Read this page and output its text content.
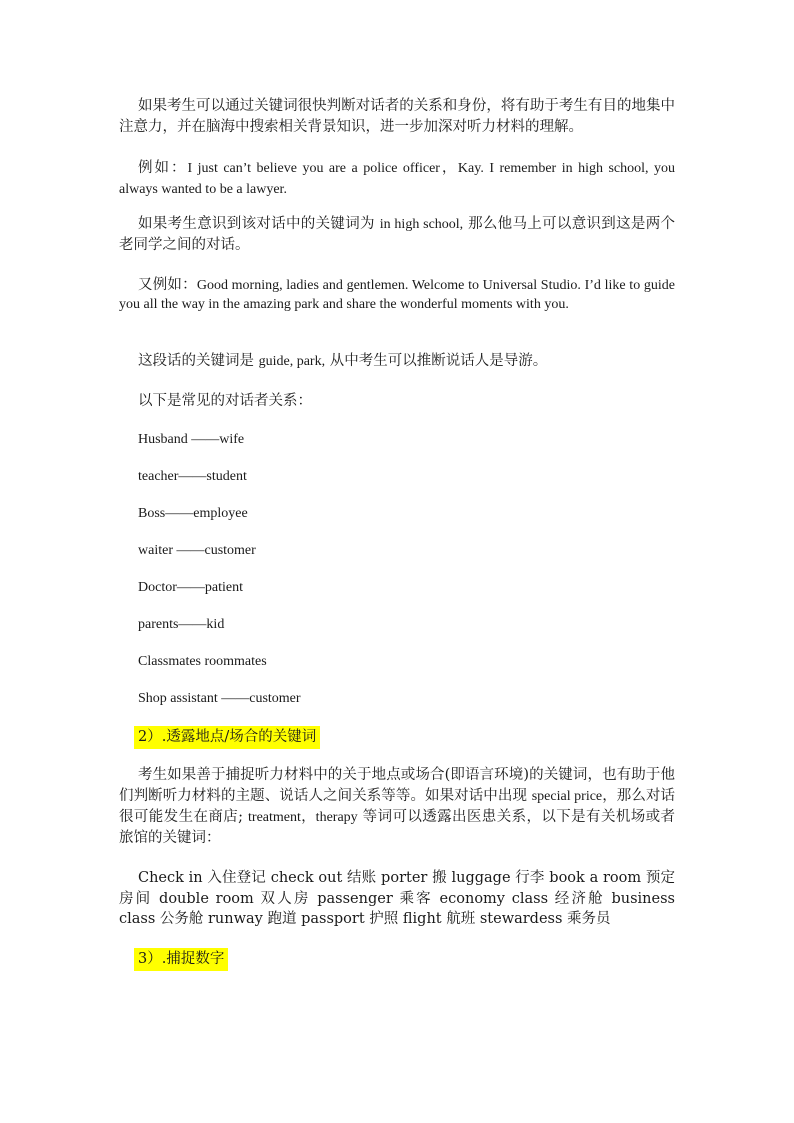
如果考生可以通过关键词很快判断对话者的关系和身份，将有助于考生有目的地集中注意力，并在脑海中搜索相关背景知识，进一步加深对听力材料的理解。

例如：I just can’t believe you are a police officer，Kay. I remember in high school, you always wanted to be a lawyer.

如果考生意识到该对话中的关键词为 in high school, 那么他马上可以意识到这是两个老同学之间的对话。

又例如：Good morning, ladies and gentlemen. Welcome to Universal Studio. I’d like to guide you all the way in the amazing park and share the wonderful moments with you.

这段话的关键词是 guide, park, 从中考生可以推断说话人是导游。

以下是常见的对话者关系：

Husband ——wife

teacher——student

Boss——employee

waiter ——customer

Doctor——patient

parents——kid

Classmates roommates

Shop assistant ——customer

2）.透露地点/场合的关键词

考生如果善于捕捉听力材料中的关于地点或场合(即语言环境)的关键词，也有助于他们判断听力材料的主题、说话人之间关系等等。如果对话中出现 special price，那么对话很可能发生在商店; treatment，therapy 等词可以透露出医患关系，以下是有关机场或者旅馆的关键词：

Check in 入住登记 check out 结账 porter 搬 luggage 行李 book a room 预定房间 double room 双人房 passenger 乘客 economy class 经济舱 business class 公务舱 runway 跑道 passport 护照 flight 航班 stewardess 乘务员

3）.捕捉数字
